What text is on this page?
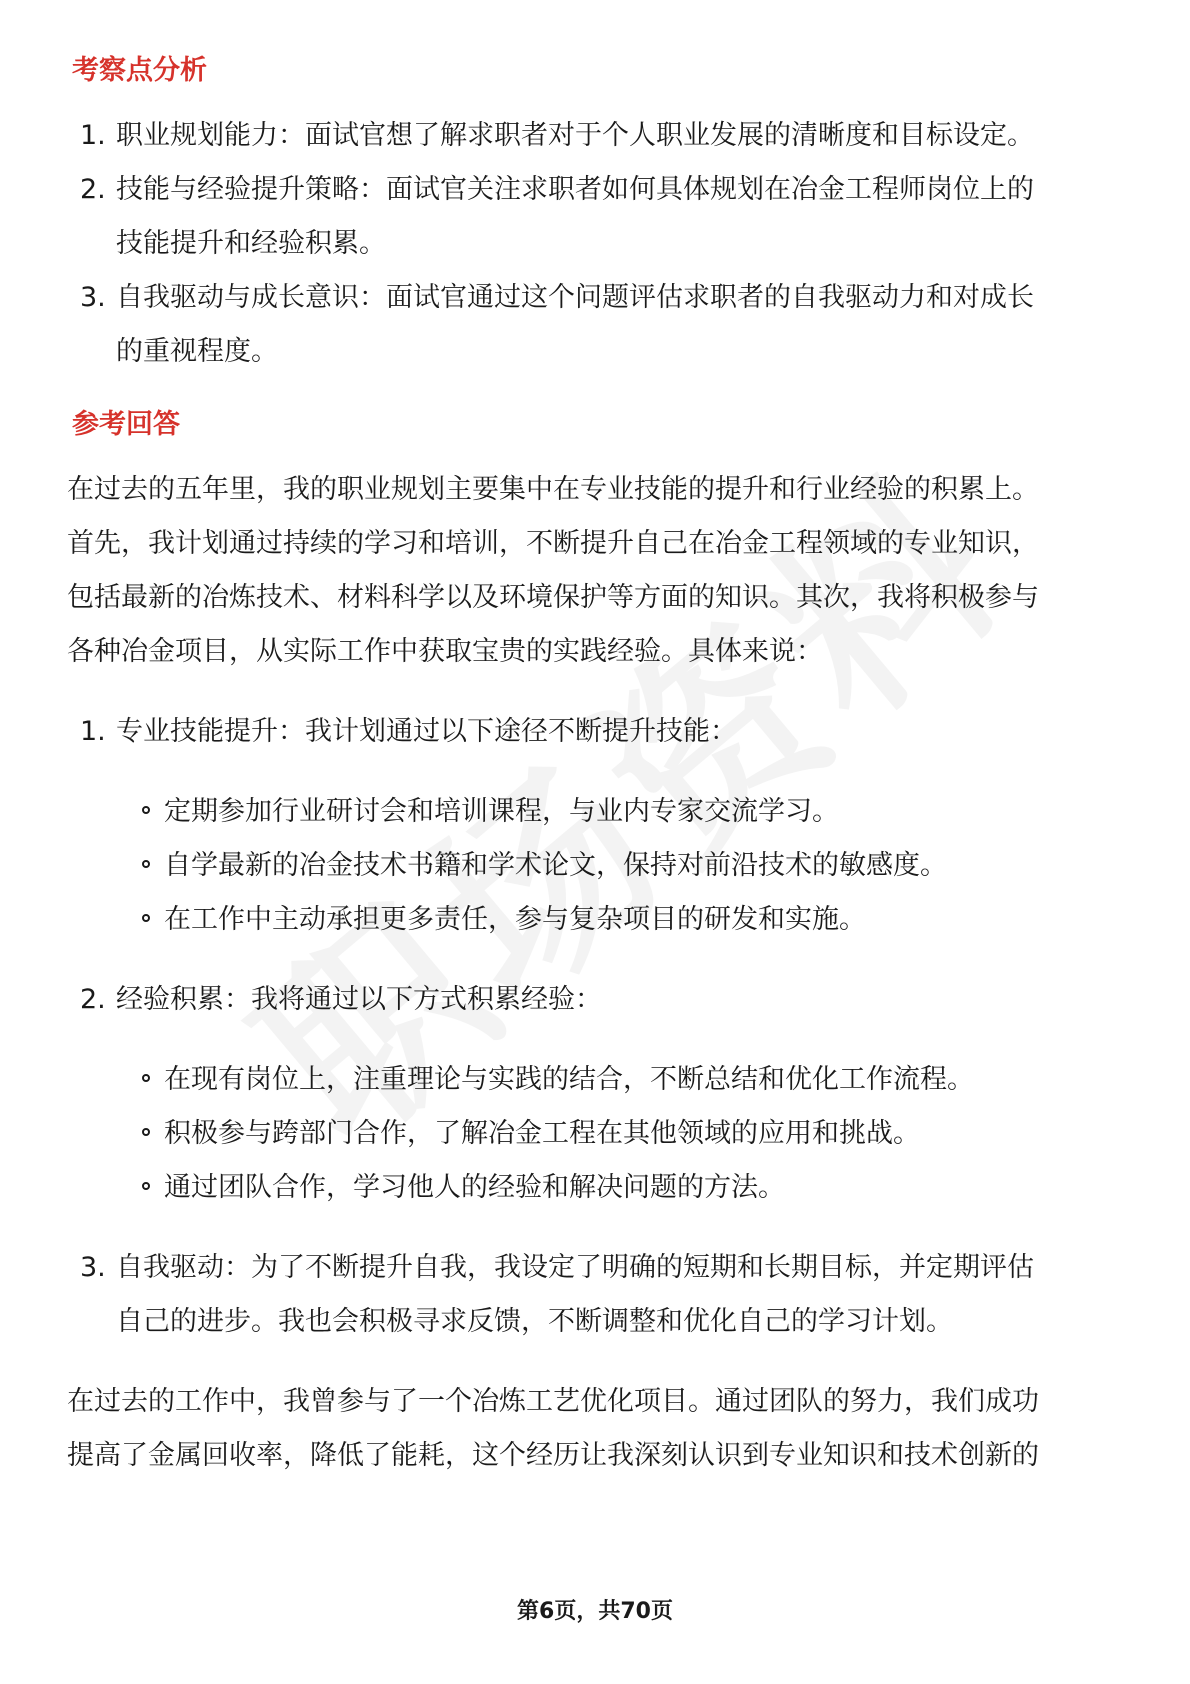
考察点分析
1. 职业规划能力：面试官想了解求职者对于个人职业发展的清晰度和目标设定。
2. 技能与经验提升策略：面试官关注求职者如何具体规划在冶金工程师岗位上的
技能提升和经验积累。
3. 自我驱动与成长意识：面试官通过这个问题评估求职者的自我驱动力和对成长
的重视程度。
参考回答
在过去的五年里，我的职业规划主要集中在专业技能的提升和行业经验的积累上。
首先，我计划通过持续的学习和培训，不断提升自己在冶金工程领域的专业知识，
包括最新的冶炼技术、材料科学以及环境保护等方面的知识。其次，我将积极参与
各种冶金项目，从实际工作中获取宝贵的实践经验。具体来说：
1. 专业技能提升：我计划通过以下途径不断提升技能：
定期参加行业研讨会和培训课程，与业内专家交流学习。
自学最新的冶金技术书籍和学术论文，保持对前沿技术的敏感度。
在工作中主动承担更多责任，参与复杂项目的研发和实施。
2. 经验积累：我将通过以下方式积累经验：
在现有岗位上，注重理论与实践的结合，不断总结和优化工作流程。
积极参与跨部门合作，了解冶金工程在其他领域的应用和挑战。
通过团队合作，学习他人的经验和解决问题的方法。
3. 自我驱动：为了不断提升自我，我设定了明确的短期和长期目标，并定期评估
自己的进步。我也会积极寻求反馈，不断调整和优化自己的学习计划。
在过去的工作中，我曾参与了一个冶炼工艺优化项目。通过团队的努力，我们成功
提高了金属回收率，降低了能耗，这个经历让我深刻认识到专业知识和技术创新的
第6页，共70页
